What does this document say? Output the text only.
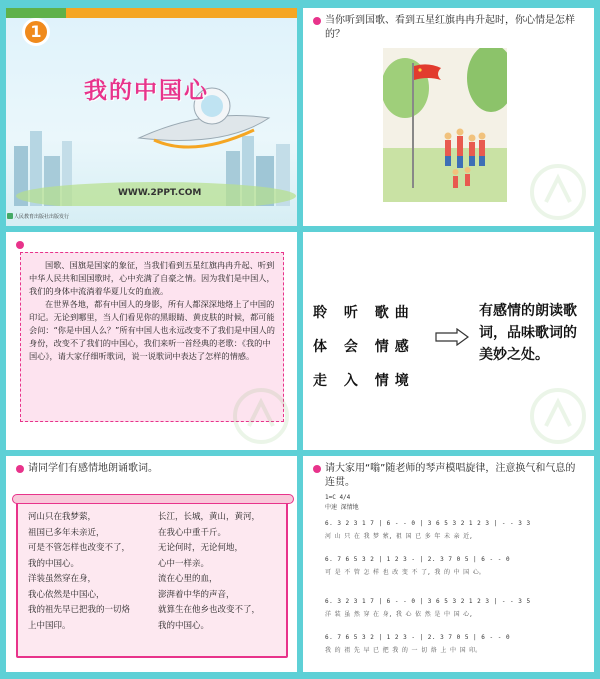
1
我的中国心
WWW.2PPT.COM
人民教育出版社出版发行
当你听到国歌、看到五星红旗冉冉升起时，你心情是怎样的？

国歌、国旗是国家的象征，当我们看到五星红旗冉冉升起、听到中华人民共和国国歌时，心中充满了自豪之情。因为我们是中国人，我们的身体中流淌着华夏儿女的血液。

在世界各地，都有中国人的身影，所有人都深深地烙上了中国的印记。无论到哪里，当人们看见你的黑眼睛、黄皮肤的时候，都可能会问：“你是中国人么？”所有中国人也永远改变不了我们是中国人的身份，改变不了我们的中国心，我们来听一首经典的老歌：《我的中国心》，请大家仔细听歌词，说一说歌词中表达了怎样的情感。

聆 听 歌曲
体 会 情感
走 入 情境
有感情的朗读歌词，品味歌词的美妙之处。
请同学们有感情地朗诵歌词。
河山只在我梦萦，
祖国已多年未亲近，
可是不管怎样也改变不了，
我的中国心。
洋装虽然穿在身，
我心依然是中国心，
我的祖先早已把我的一切烙
上中国印。
长江，长城，黄山，黄河，
在我心中重千斤。
无论何时，无论何地，
心中一样亲。
流在心里的血，
澎湃着中华的声音，
就算生在他乡也改变不了，
我的中国心。
请大家用“嗡”随老师的琴声模唱旋律，注意换气和气息的连贯。
1=C 4/4
中速 深情地
6. 3 2 3 1 7 | 6 - - 0 | 3 6 5 3 2 1 2 3 | - - 3 3
河 山 只 在 我 梦 萦, 祖 国 已 多 年 未 亲 近,
6. 7 6 5 3 2 | 1 2 3 - | 2. 3 7 0 5 | 6 - - 0
可 是 不 管 怎 样 也 改 变 不 了, 我 的 中 国 心。
6. 3 2 3 1 7 | 6 - - 0 | 3 6 5 3 2 1 2 3 | - - 3 5
洋 装 虽 然 穿 在 身, 我 心 依 然 是 中 国 心,
6. 7 6 5 3 2 | 1 2 3 - | 2. 3 7 0 5 | 6 - - 0
我 的 祖 先 早 已 把 我 的 一 切 烙 上 中 国 印。
